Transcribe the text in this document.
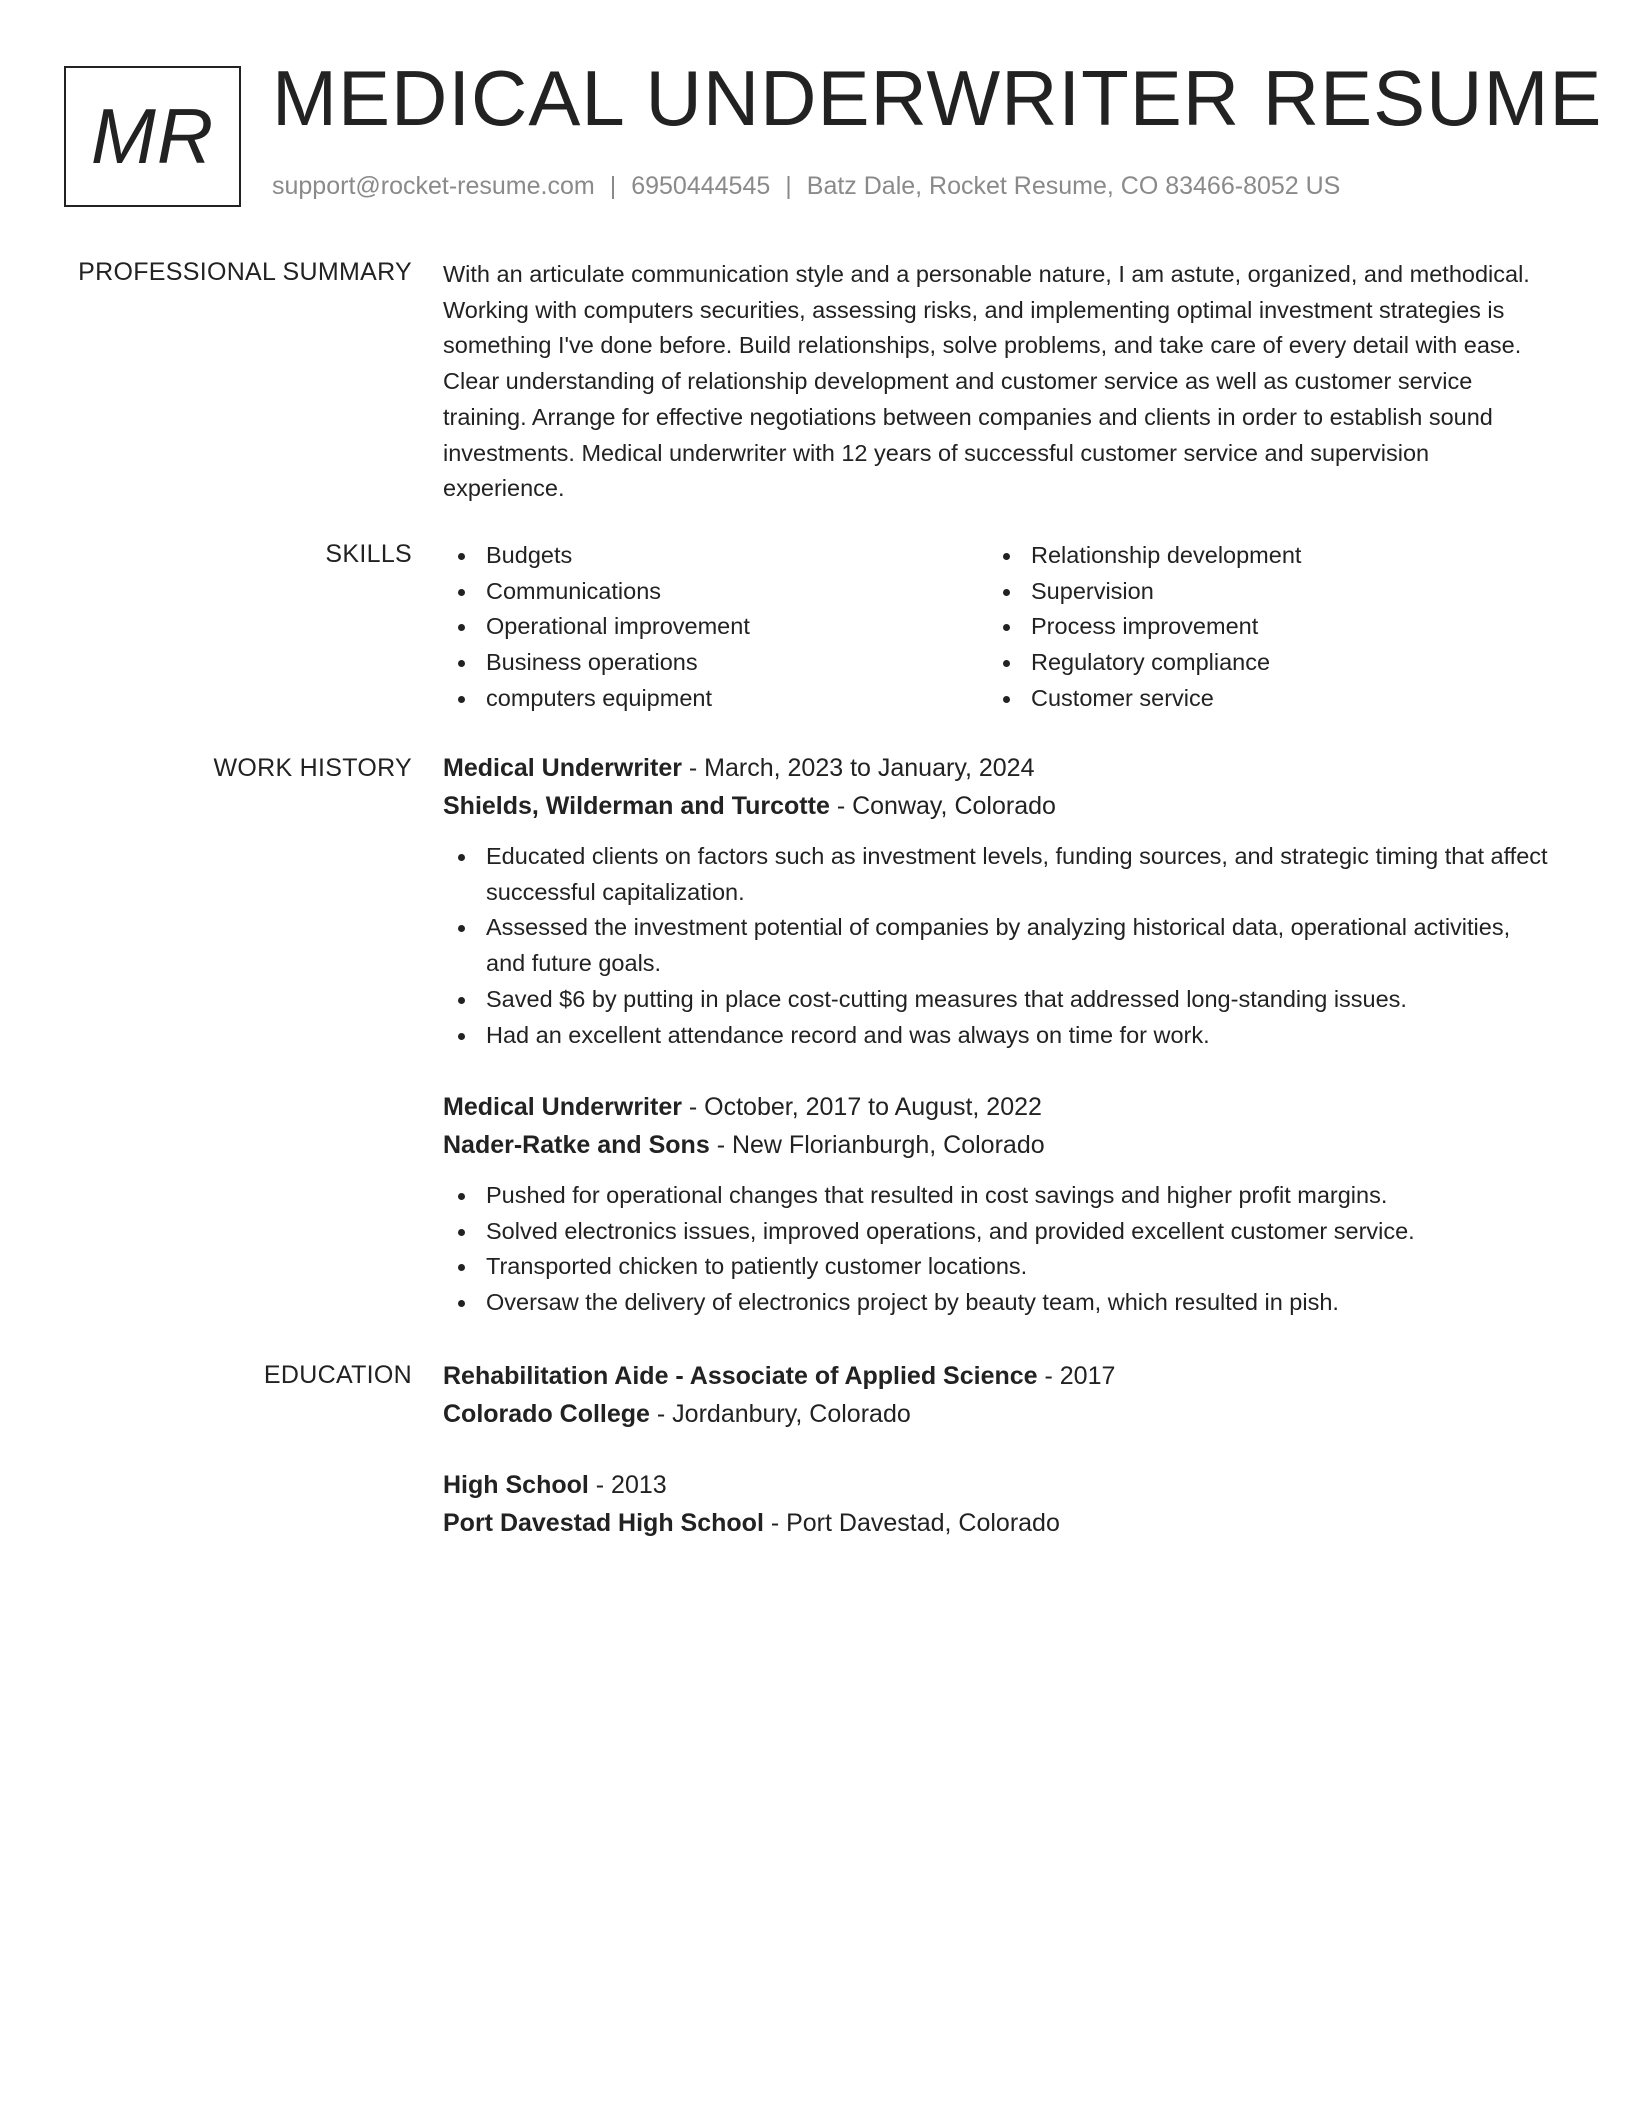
MR MEDICAL UNDERWRITER RESUME
support@rocket-resume.com | 6950444545 | Batz Dale, Rocket Resume, CO 83466-8052 US
PROFESSIONAL SUMMARY With an articulate communication style and a personable nature, I am astute, organized, and methodical. Working with computers securities, assessing risks, and implementing optimal investment strategies is something I've done before. Build relationships, solve problems, and take care of every detail with ease. Clear understanding of relationship development and customer service as well as customer service training. Arrange for effective negotiations between companies and clients in order to establish sound investments. Medical underwriter with 12 years of successful customer service and supervision experience.

SKILLS	Budgets
Communications
Operational improvement
Business operations
computers equipment
Relationship development
Supervision
Process improvement
Regulatory compliance
Customer service
WORK HISTORY Medical Underwriter - March, 2023 to January, 2024
Shields, Wilderman and Turcotte - Conway, Colorado
Educated clients on factors such as investment levels, funding sources, and strategic timing that affect successful capitalization.
Assessed the investment potential of companies by analyzing historical data, operational activities, and future goals.
Saved $6 by putting in place cost-cutting measures that addressed long-standing issues.
Had an excellent attendance record and was always on time for work.
Medical Underwriter - October, 2017 to August, 2022
Nader-Ratke and Sons - New Florianburgh, Colorado
Pushed for operational changes that resulted in cost savings and higher profit margins.
Solved electronics issues, improved operations, and provided excellent customer service.
Transported chicken to patiently customer locations.
Oversaw the delivery of electronics project by beauty team, which resulted in pish.
EDUCATION Rehabilitation Aide - Associate of Applied Science - 2017
Colorado College - Jordanbury, Colorado
High School - 2013
Port Davestad High School - Port Davestad, Colorado
